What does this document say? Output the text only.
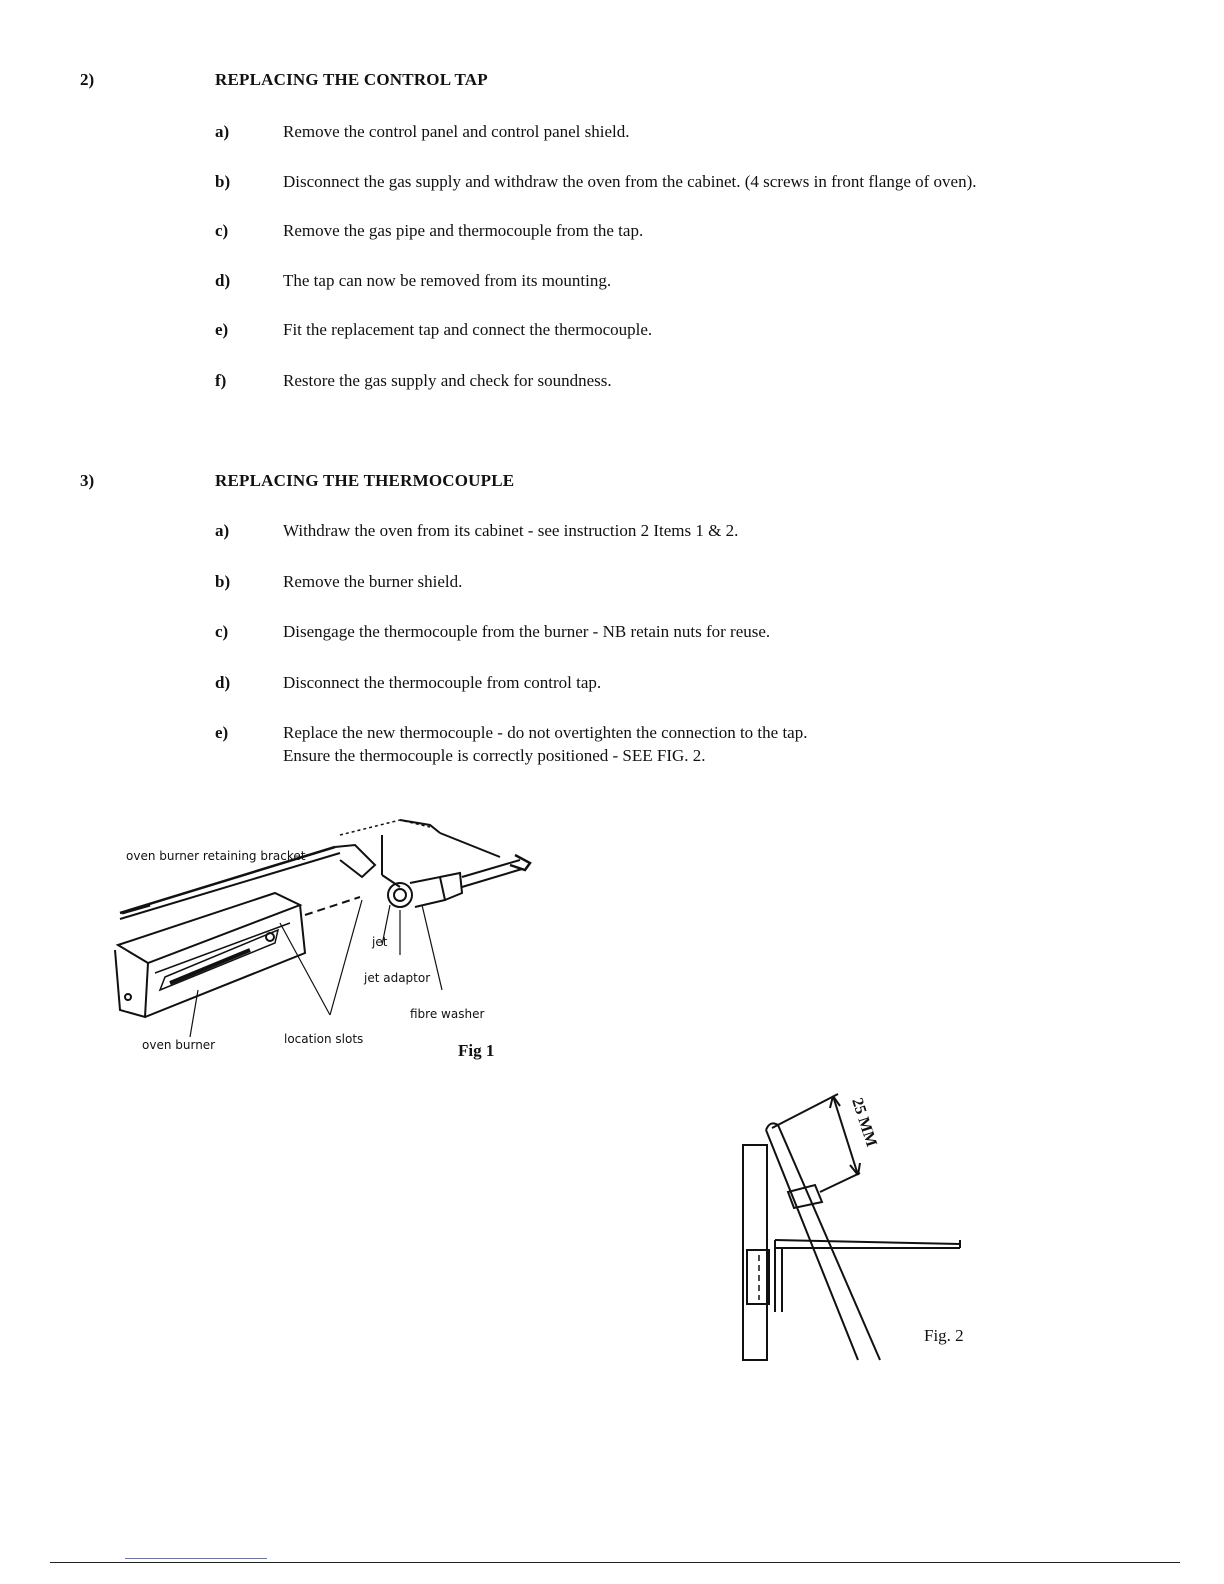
2)	REPLACING THE CONTROL TAP
a)	Remove the control panel and control panel shield.
b)	Disconnect the gas supply and withdraw the oven from the cabinet. (4 screws in front flange of oven).
c)	Remove the gas pipe and thermocouple from the tap.
d)	The tap can now be removed from its mounting.
e)	Fit the replacement tap and connect the thermocouple.
f)	Restore the gas supply and check for soundness.
3)	REPLACING THE THERMOCOUPLE
a)	Withdraw the oven from its cabinet - see instruction 2 Items 1 & 2.
b)	Remove the burner shield.
c)	Disengage the thermocouple from the burner - NB retain nuts for reuse.
d)	Disconnect the thermocouple from control tap.
e)	Replace the new thermocouple - do not overtighten the connection to the tap.
Ensure the thermocouple is correctly positioned - SEE FIG. 2.
oven burner retaining bracket
jet
jet adaptor
fibre washer
location slots
oven burner	Fig 1
25 MM
Fig. 2
